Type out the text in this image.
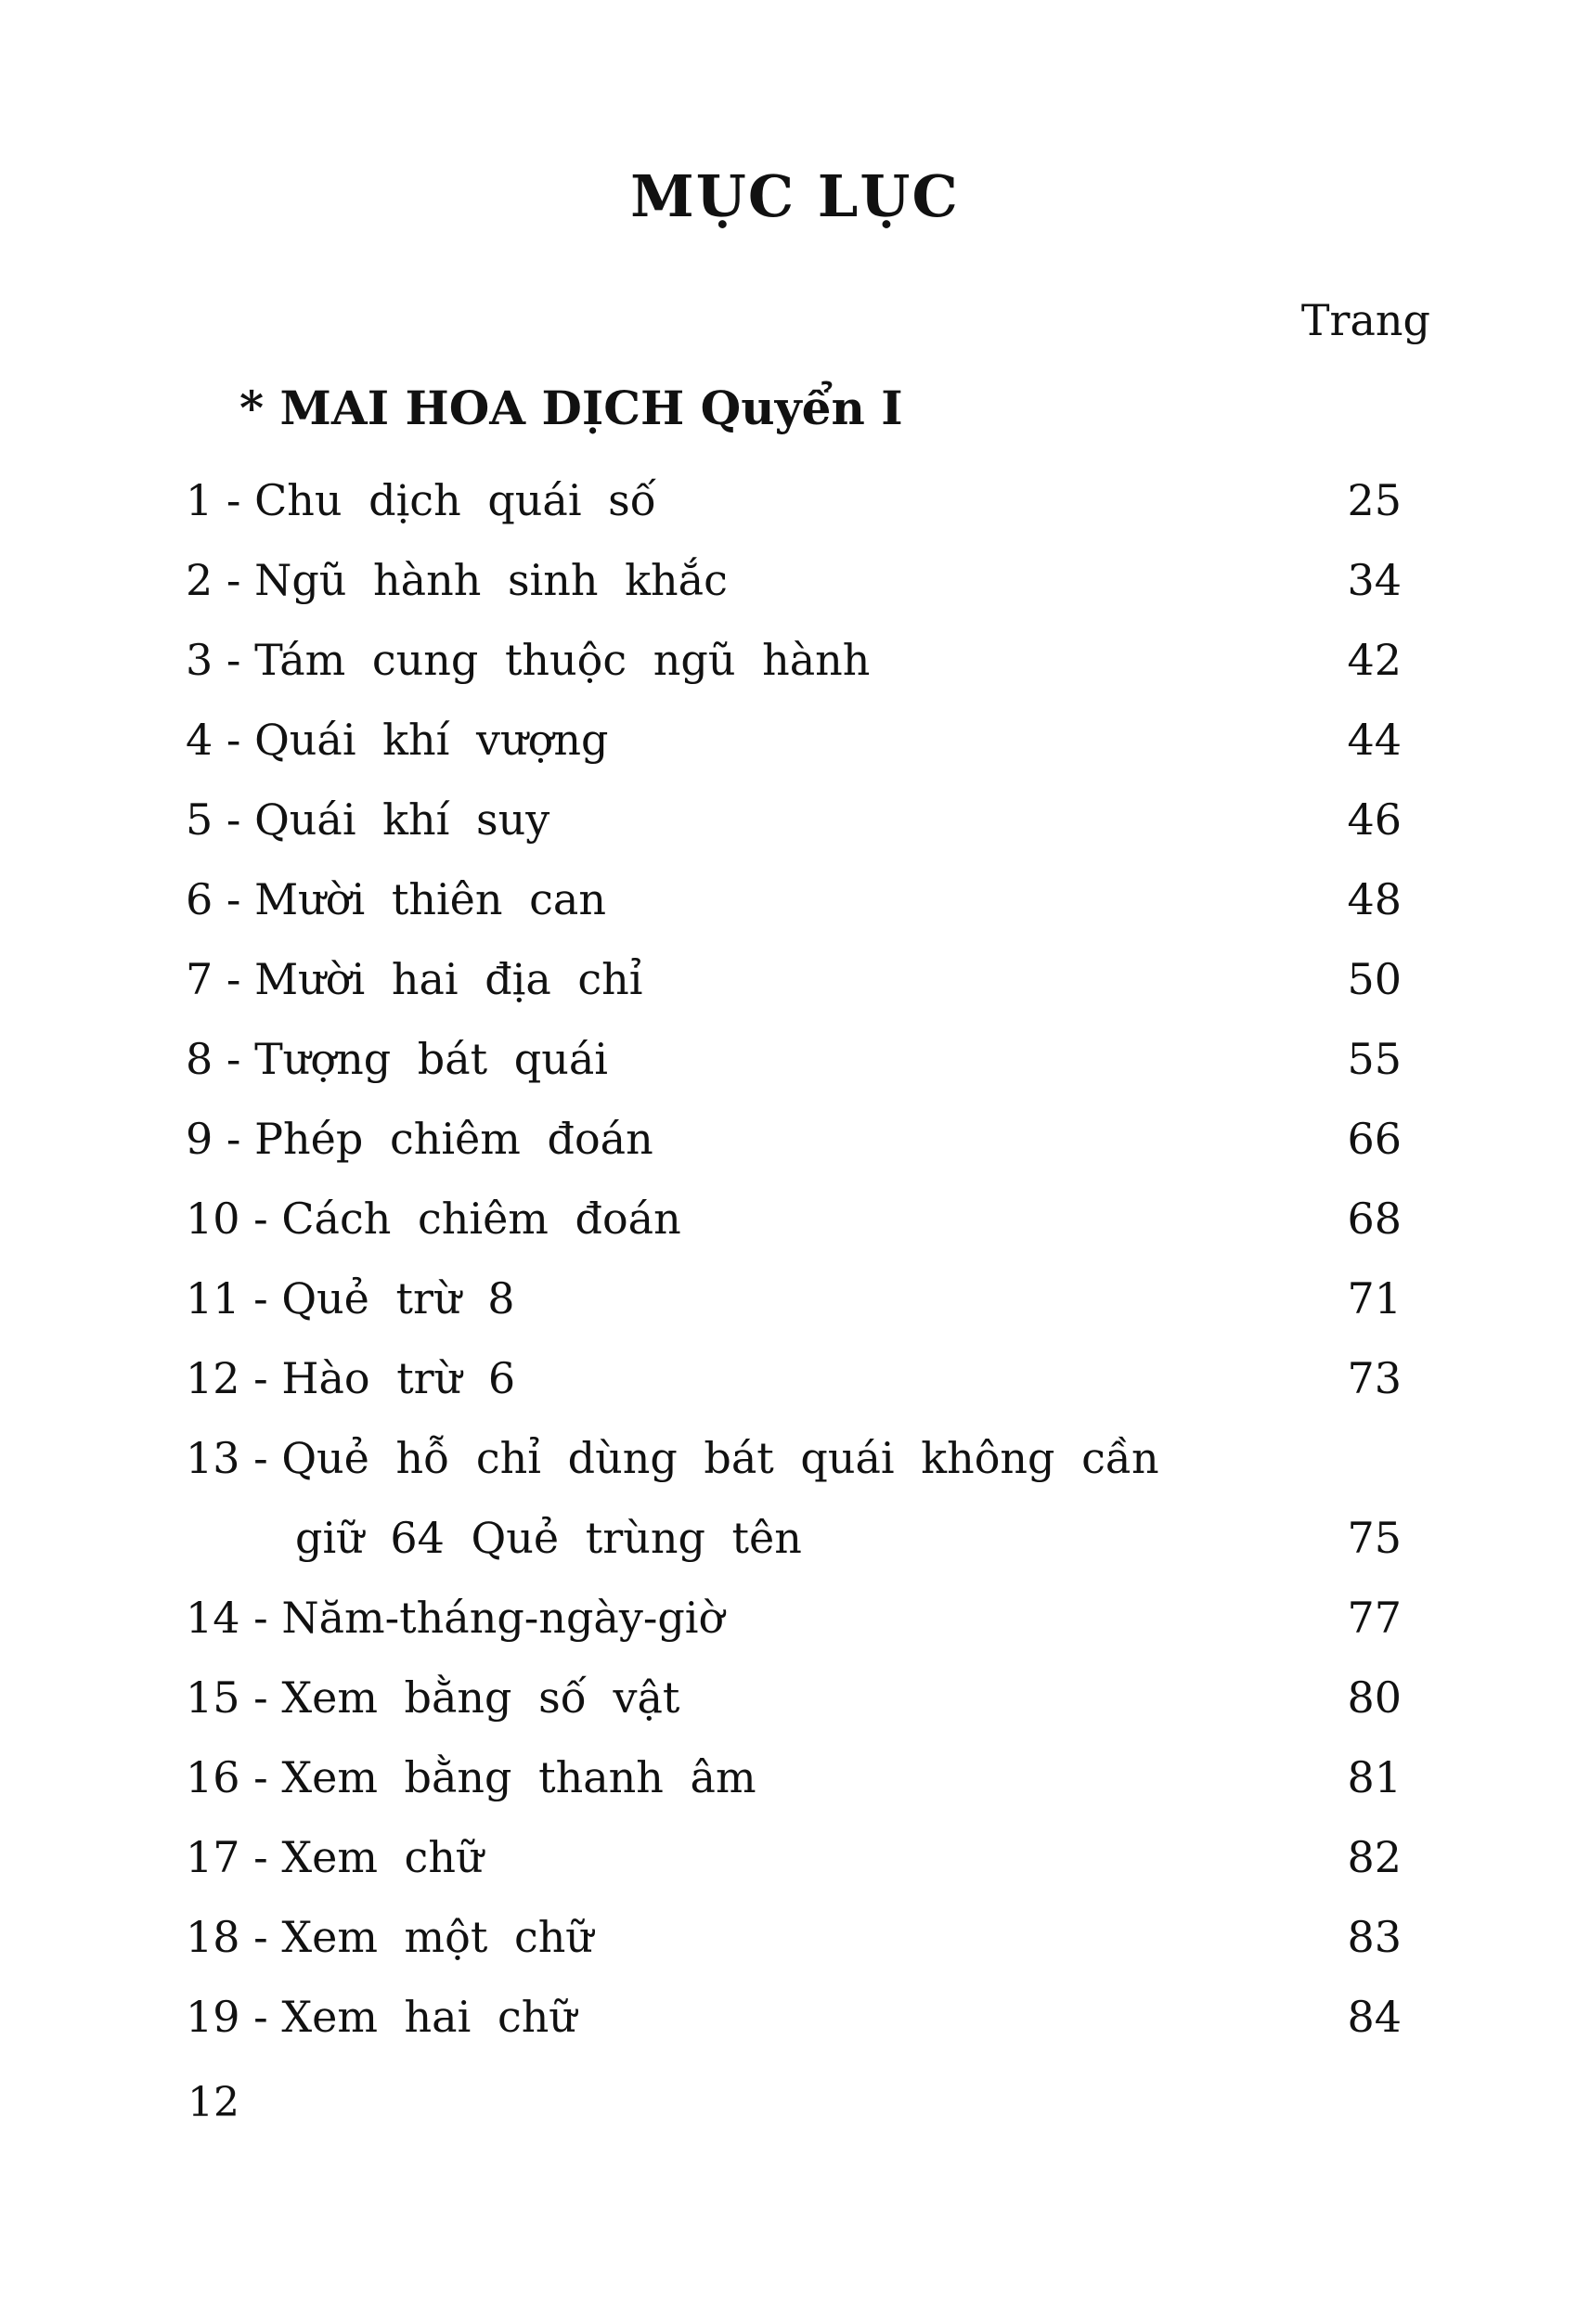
MỤC LỤC
Trang
* MAI HOA DỊCH Quyển I
1 - Chu dịch quái số	25
2 - Ngũ hành sinh khắc	34
3 - Tám cung thuộc ngũ hành	42
4 - Quái khí vượng	44
5 - Quái khí suy	46
6 - Mười thiên can	48
7 - Mười hai địa chỉ	50
8 - Tượng bát quái	55
9 - Phép chiêm đoán	66
10 - Cách chiêm đoán	68
11 - Quẻ trừ 8	71
12 - Hào trừ 6	73
13 - Quẻ hỗ chỉ dùng bát quái không cần
giữ 64 Quẻ trùng tên	75
14 - Năm-tháng-ngày-giờ	77
15 - Xem bằng số vật	80
16 - Xem bằng thanh âm	81
17 - Xem chữ	82
18 - Xem một chữ	83
19 - Xem hai chữ	84
12
